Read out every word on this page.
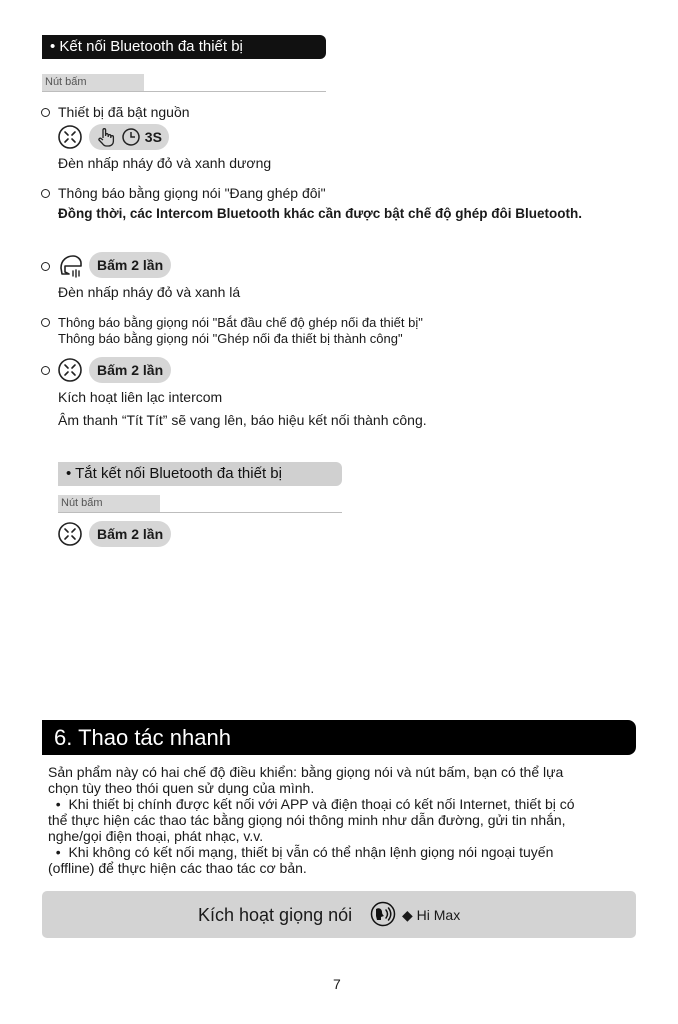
• Kết nối Bluetooth đa thiết bị
Nút bấm
Thiết bị đã bật nguồn
3S
Đèn nhấp nháy đỏ và xanh dương
Thông báo bằng giọng nói "Đang ghép đôi"
Đồng thời, các Intercom Bluetooth khác cần được bật chế độ ghép đôi Bluetooth.
Bấm 2 lần
Đèn nhấp nháy đỏ và xanh lá
Thông báo bằng giọng nói "Bắt đầu chế độ ghép nối đa thiết bị"
Thông báo bằng giọng nói "Ghép nối đa thiết bị thành công"
Bấm 2 lần
Kích hoạt liên lạc intercom
Âm thanh “Tít Tít” sẽ vang lên, báo hiệu kết nối thành công.
• Tắt kết nối Bluetooth đa thiết bị
Nút bấm
Bấm 2 lần
6. Thao tác nhanh
Sản phẩm này có hai chế độ điều khiển: bằng giọng nói và nút bấm, bạn có thể lựa
chọn tùy theo thói quen sử dụng của mình.
•  Khi thiết bị chính được kết nối với APP và điện thoại có kết nối Internet, thiết bị có
thể thực hiện các thao tác bằng giọng nói thông minh như dẫn đường, gửi tin nhắn,
nghe/gọi điện thoại, phát nhạc, v.v.
•  Khi không có kết nối mạng, thiết bị vẫn có thể nhận lệnh giọng nói ngoại tuyến
(offline) để thực hiện các thao tác cơ bản.
Kích hoạt giọng nói	◆ Hi Max
7
